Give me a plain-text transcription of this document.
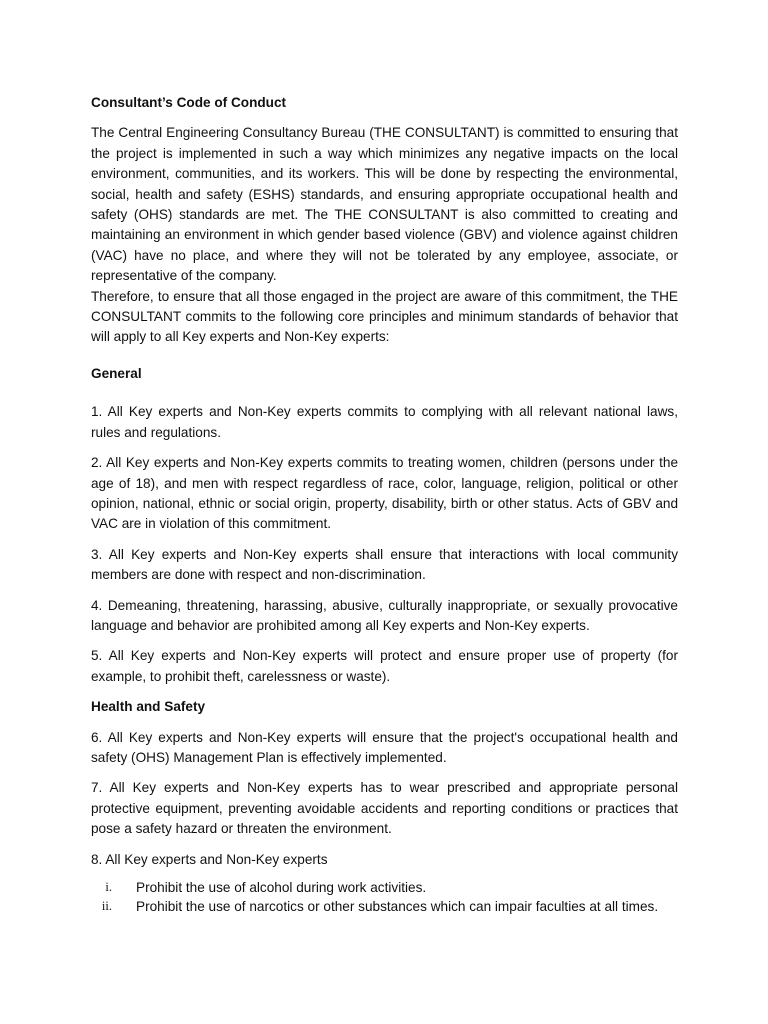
Consultant’s Code of Conduct

The Central Engineering Consultancy Bureau (THE CONSULTANT) is committed to ensuring that the project is implemented in such a way which minimizes any negative impacts on the local environment, communities, and its workers. This will be done by respecting the environmental, social, health and safety (ESHS) standards, and ensuring appropriate occupational health and safety (OHS) standards are met. The THE CONSULTANT is also committed to creating and maintaining an environment in which gender based violence (GBV) and violence against children (VAC) have no place, and where they will not be tolerated by any employee, associate, or representative of the company.

Therefore, to ensure that all those engaged in the project are aware of this commitment, the THE CONSULTANT commits to the following core principles and minimum standards of behavior that will apply to all Key experts and Non-Key experts:

General

1. All Key experts and Non-Key experts commits to complying with all relevant national laws, rules and regulations.

2. All Key experts and Non-Key experts commits to treating women, children (persons under the age of 18), and men with respect regardless of race, color, language, religion, political or other opinion, national, ethnic or social origin, property, disability, birth or other status. Acts of GBV and VAC are in violation of this commitment.

3. All Key experts and Non-Key experts shall ensure that interactions with local community members are done with respect and non-discrimination.

4. Demeaning, threatening, harassing, abusive, culturally inappropriate, or sexually provocative language and behavior are prohibited among all Key experts and Non-Key experts.

5. All Key experts and Non-Key experts will protect and ensure proper use of property (for example, to prohibit theft, carelessness or waste).

Health and Safety

6. All Key experts and Non-Key experts will ensure that the project's occupational health and safety (OHS) Management Plan is effectively implemented.

7. All Key experts and Non-Key experts has to wear prescribed and appropriate personal protective equipment, preventing avoidable accidents and reporting conditions or practices that pose a safety hazard or threaten the environment.

8. All Key experts and Non-Key experts

i. Prohibit the use of alcohol during work activities.
ii. Prohibit the use of narcotics or other substances which can impair faculties at all times.
